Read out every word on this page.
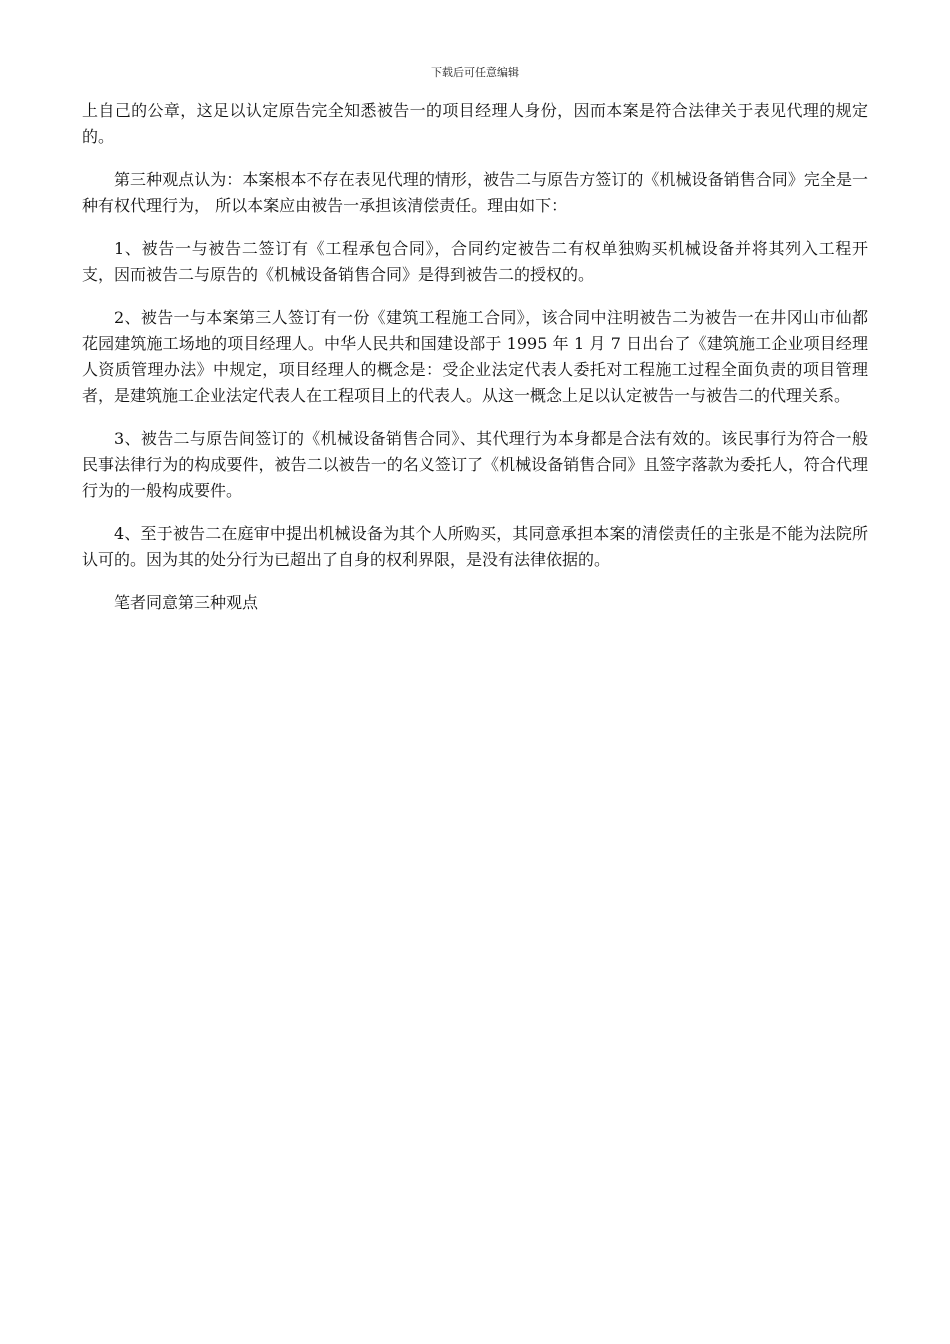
下载后可任意编辑

上自己的公章，这足以认定原告完全知悉被告一的项目经理人身份，因而本案是符合法律关于表见代理的规定的。

第三种观点认为：本案根本不存在表见代理的情形，被告二与原告方签订的《机械设备销售合同》完全是一种有权代理行为， 所以本案应由被告一承担该清偿责任。理由如下：

1、被告一与被告二签订有《工程承包合同》，合同约定被告二有权单独购买机械设备并将其列入工程开支，因而被告二与原告的《机械设备销售合同》是得到被告二的授权的。

2、被告一与本案第三人签订有一份《建筑工程施工合同》，该合同中注明被告二为被告一在井冈山市仙都花园建筑施工场地的项目经理人。中华人民共和国建设部于 1995 年 1 月 7 日出台了《建筑施工企业项目经理人资质管理办法》中规定，项目经理人的概念是：受企业法定代表人委托对工程施工过程全面负责的项目管理者，是建筑施工企业法定代表人在工程项目上的代表人。从这一概念上足以认定被告一与被告二的代理关系。

3、被告二与原告间签订的《机械设备销售合同》、其代理行为本身都是合法有效的。该民事行为符合一般民事法律行为的构成要件，被告二以被告一的名义签订了《机械设备销售合同》且签字落款为委托人，符合代理行为的一般构成要件。

4、至于被告二在庭审中提出机械设备为其个人所购买，其同意承担本案的清偿责任的主张是不能为法院所认可的。因为其的处分行为已超出了自身的权利界限，是没有法律依据的。

笔者同意第三种观点
